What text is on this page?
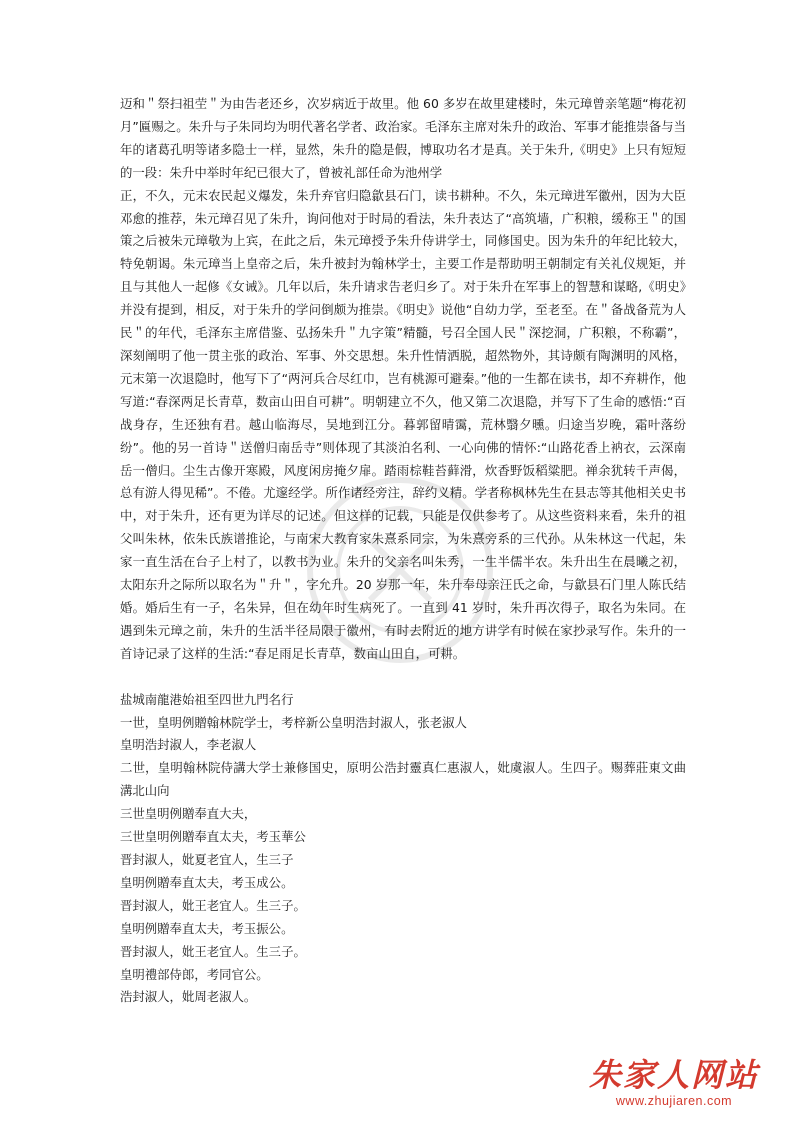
迈和＂祭扫祖茔＂为由告老还乡，次岁病近于故里。他 60 多岁在故里建楼时，朱元璋曾亲笔题“梅花初月”匾赐之。朱升与子朱同均为明代著名学者、政治家。毛泽东主席对朱升的政治、军事才能推崇备与当年的诸葛孔明等诸多隐士一样，显然，朱升的隐是假，博取功名才是真。关于朱升,《明史》上只有短短的一段：朱升中举时年纪已很大了，曾被礼部任命为池州学

正，不久，元末农民起义爆发，朱升弃官归隐歙县石门，读书耕种。不久，朱元璋进军徽州，因为大臣邓愈的推荐，朱元璋召见了朱升，询问他对于时局的看法，朱升表达了“高筑墙，广积粮，缓称王＂的国策之后被朱元璋敬为上宾，在此之后，朱元璋授予朱升侍讲学士，同修国史。因为朱升的年纪比较大，特免朝谒。朱元璋当上皇帝之后，朱升被封为翰林学士，主要工作是帮助明王朝制定有关礼仪规矩，并且与其他人一起修《女诫》。几年以后，朱升请求告老归乡了。对于朱升在军事上的智慧和谋略,《明史》并没有提到，相反，对于朱升的学问倒颇为推崇。《明史》说他“自幼力学，至老至。在＂备战备荒为人民＂的年代，毛泽东主席借鉴、弘扬朱升＂九字策”精髓，号召全国人民＂深挖洞，广积粮，不称霸”，深刻阐明了他一贯主张的政治、军事、外交思想。朱升性情洒脱，超然物外，其诗颇有陶渊明的风格，元末第一次退隐时，他写下了“两河兵合尽红巾，岂有桃源可避秦。”他的一生都在读书，却不弃耕作，他写道:“春深两足长青草，数亩山田自可耕”。明朝建立不久，他又第二次退隐，并写下了生命的感悟:“百战身存，生还独有君。越山临海尽，吴地到江分。暮郭留晴霭，荒林翳夕曛。归途当岁晚，霜叶落纷纷”。他的另一首诗＂送僧归南岳寺”则体现了其淡泊名利、一心向佛的情怀:“山路花香上衲衣，云深南岳一僧归。尘生古像开寒殿，风度闲房掩夕扉。踏雨棕鞋苔藓滑，炊香野饭稻粱肥。禅余犹转千声偈，总有游人得见稀”。不倦。尤邃经学。所作诸经旁注，辞约义精。学者称枫林先生在县志等其他相关史书中，对于朱升，还有更为详尽的记述。但这样的记载，只能是仅供参考了。从这些资料来看，朱升的祖父叫朱林，依朱氏族谱推论，与南宋大教育家朱熹系同宗，为朱熹旁系的三代孙。从朱林这一代起，朱家一直生活在台子上村了，以教书为业。朱升的父亲名叫朱秀，一生半儒半农。朱升出生在晨曦之初，太阳东升之际所以取名为＂升＂，字允升。20 岁那一年，朱升奉母亲汪氏之命，与歙县石门里人陈氏结婚。婚后生有一子，名朱异，但在幼年时生病死了。一直到 41 岁时，朱升再次得子，取名为朱同。在遇到朱元璋之前，朱升的生活半径局限于徽州，有时去附近的地方讲学有时候在家抄录写作。朱升的一首诗记录了这样的生活:“春足雨足长青草，数亩山田自，可耕。

盐城南龍港始祖至四世九門名行

一世，皇明例贈翰林院学士，考梓新公皇明浩封淑人，张老淑人

皇明浩封淑人，李老淑人

二世，皇明翰林院侍講大学士兼修国史，原明公浩封靈真仁惠淑人，妣虞淑人。生四子。赐葬莊東文曲溝北山向

三世皇明例贈奉直大夫，

三世皇明例贈奉直太夫，考玉華公

晋封淑人，妣夏老宜人，生三子

皇明例贈奉直太夫，考玉成公。

晋封淑人，妣王老宜人。生三子。

皇明例贈奉直太夫，考玉振公。

晋封淑人，妣王老宜人。生三子。

皇明禮部侍郎，考同官公。

浩封淑人，妣周老淑人。

朱家人网站
www.zhujiaren.com
